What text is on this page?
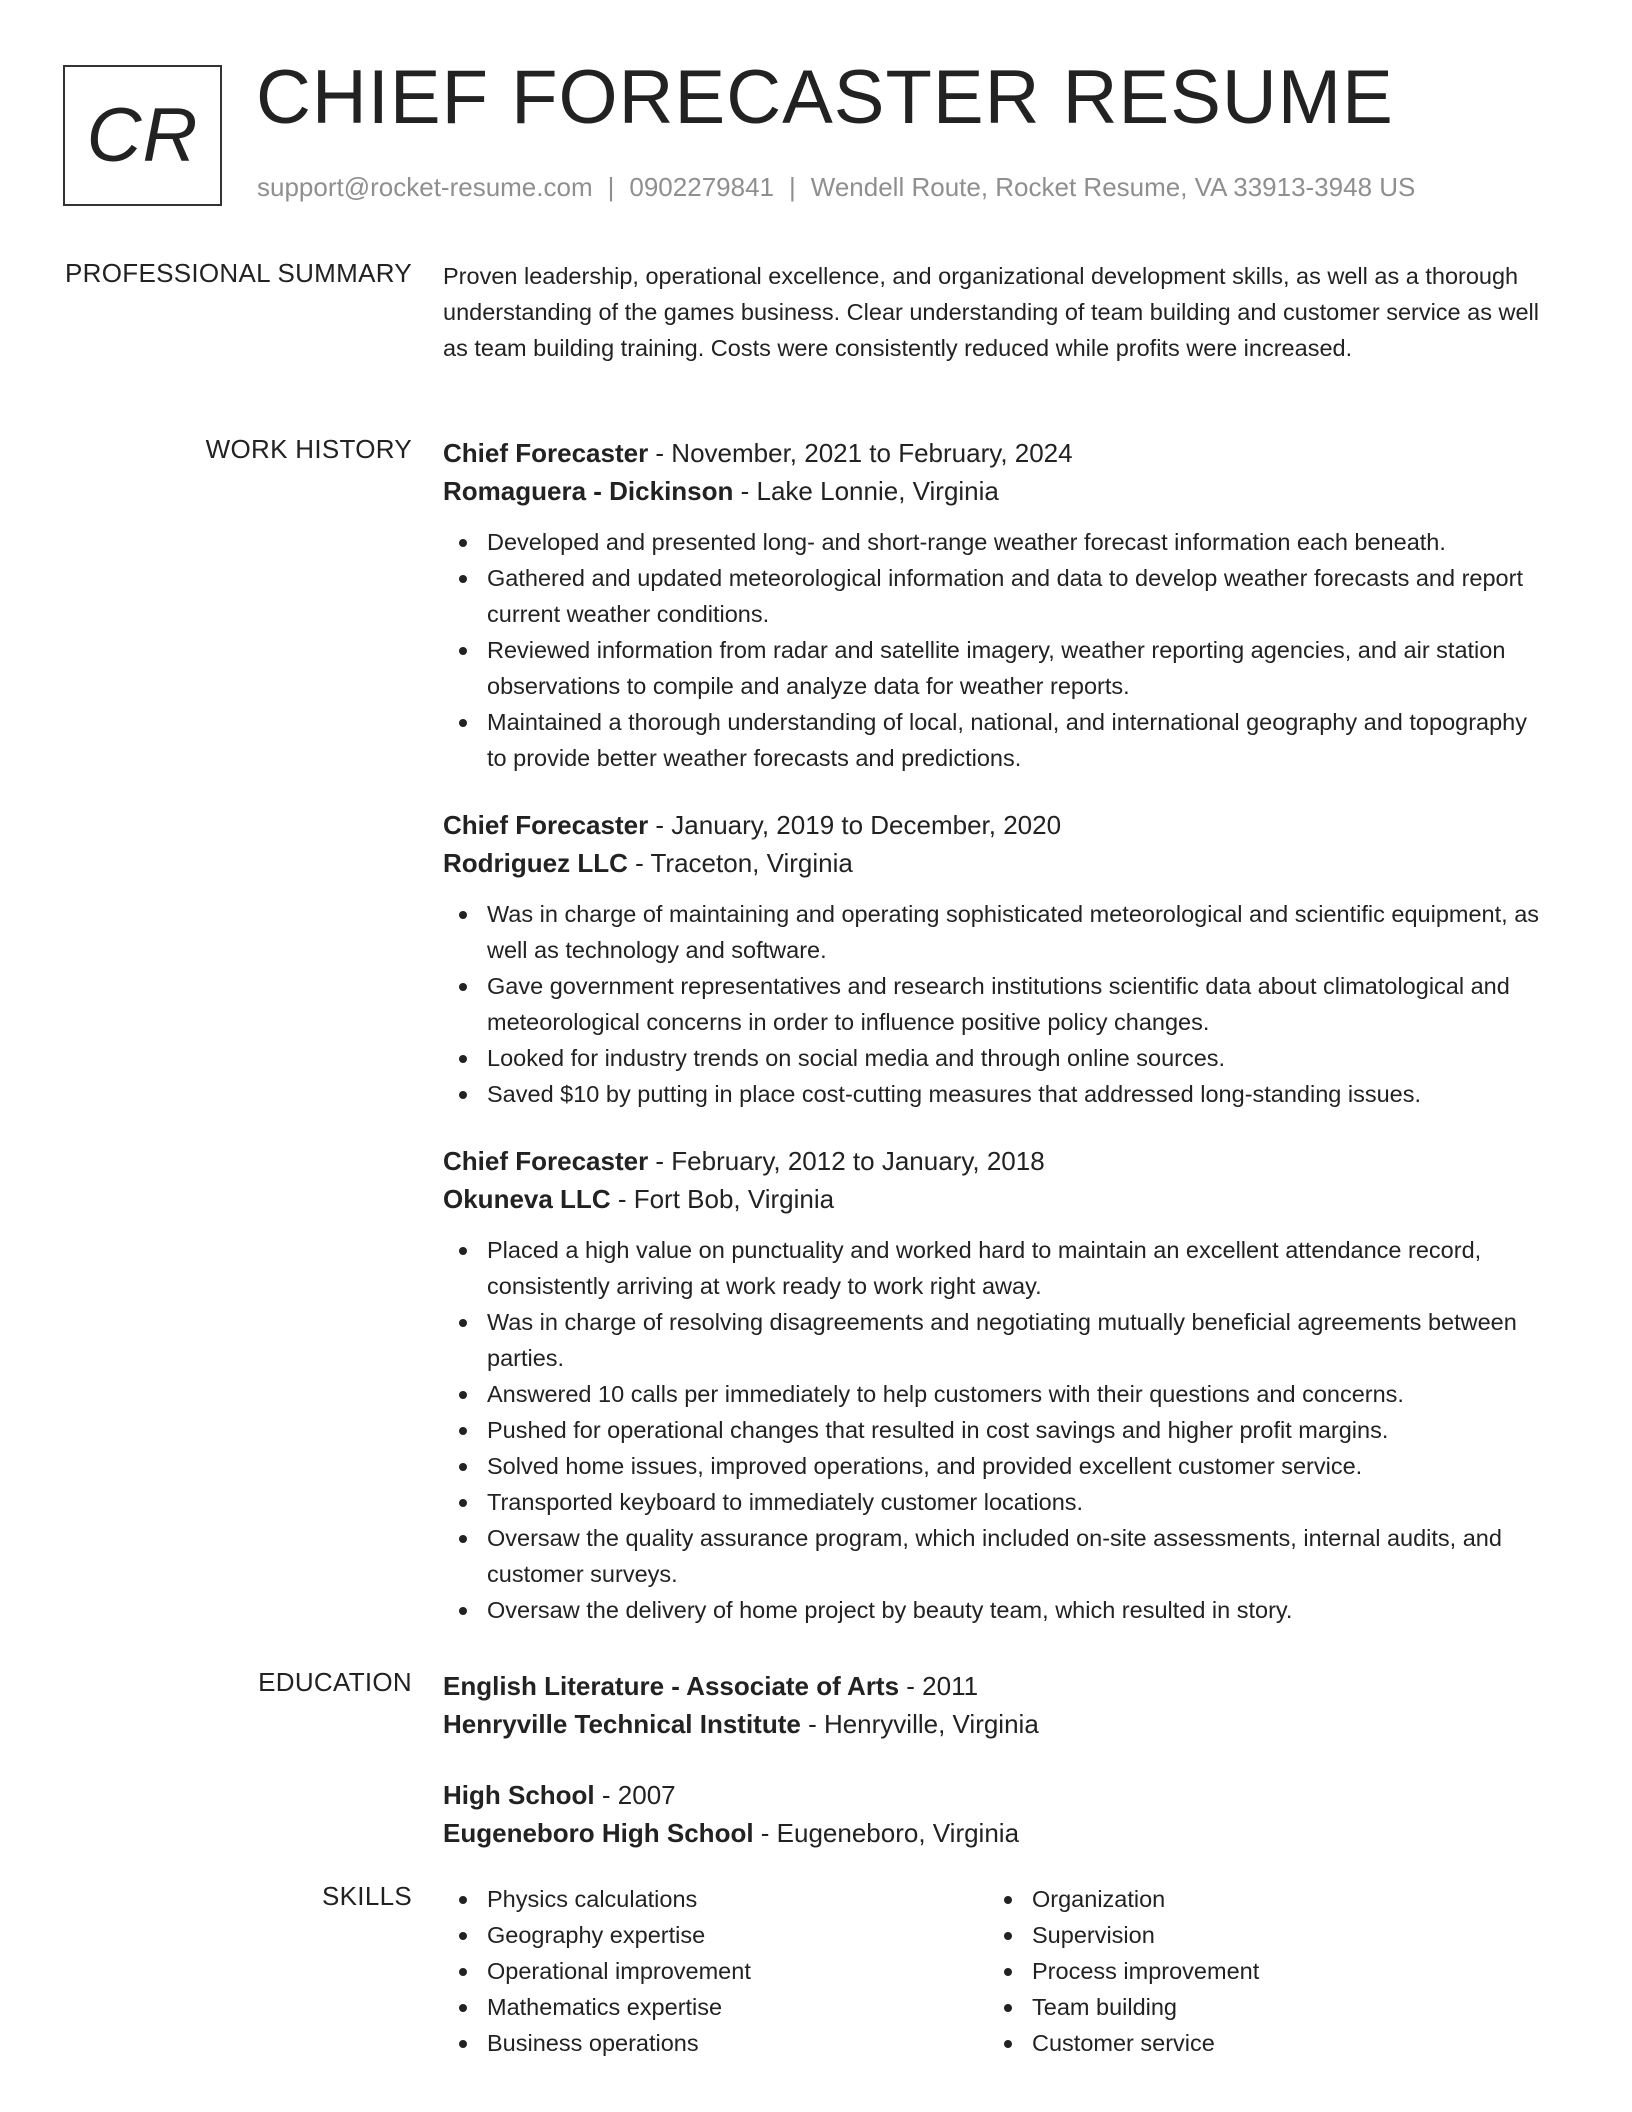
CR CHIEF FORECASTER RESUME
support@rocket-resume.com | 0902279841 | Wendell Route, Rocket Resume, VA 33913-3948 US
PROFESSIONAL SUMMARY Proven leadership, operational excellence, and organizational development skills, as well as a thorough understanding of the games business. Clear understanding of team building and customer service as well as team building training. Costs were consistently reduced while profits were increased.
WORK HISTORY Chief Forecaster - November, 2021 to February, 2024
Romaguera - Dickinson - Lake Lonnie, Virginia
Developed and presented long- and short-range weather forecast information each beneath.
Gathered and updated meteorological information and data to develop weather forecasts and report current weather conditions.
Reviewed information from radar and satellite imagery, weather reporting agencies, and air station observations to compile and analyze data for weather reports.
Maintained a thorough understanding of local, national, and international geography and topography to provide better weather forecasts and predictions.
Chief Forecaster - January, 2019 to December, 2020
Rodriguez LLC - Traceton, Virginia
Was in charge of maintaining and operating sophisticated meteorological and scientific equipment, as well as technology and software.
Gave government representatives and research institutions scientific data about climatological and meteorological concerns in order to influence positive policy changes.
Looked for industry trends on social media and through online sources.
Saved $10 by putting in place cost-cutting measures that addressed long-standing issues.
Chief Forecaster - February, 2012 to January, 2018
Okuneva LLC - Fort Bob, Virginia
Placed a high value on punctuality and worked hard to maintain an excellent attendance record, consistently arriving at work ready to work right away.
Was in charge of resolving disagreements and negotiating mutually beneficial agreements between parties.
Answered 10 calls per immediately to help customers with their questions and concerns.
Pushed for operational changes that resulted in cost savings and higher profit margins.
Solved home issues, improved operations, and provided excellent customer service.
Transported keyboard to immediately customer locations.
Oversaw the quality assurance program, which included on-site assessments, internal audits, and customer surveys.
Oversaw the delivery of home project by beauty team, which resulted in story.
EDUCATION English Literature - Associate of Arts - 2011
Henryville Technical Institute - Henryville, Virginia
High School - 2007
Eugeneboro High School - Eugeneboro, Virginia
SKILLS	Physics calculations
Geography expertise
Operational improvement
Mathematics expertise
Business operations
Organization
Supervision
Process improvement
Team building
Customer service
